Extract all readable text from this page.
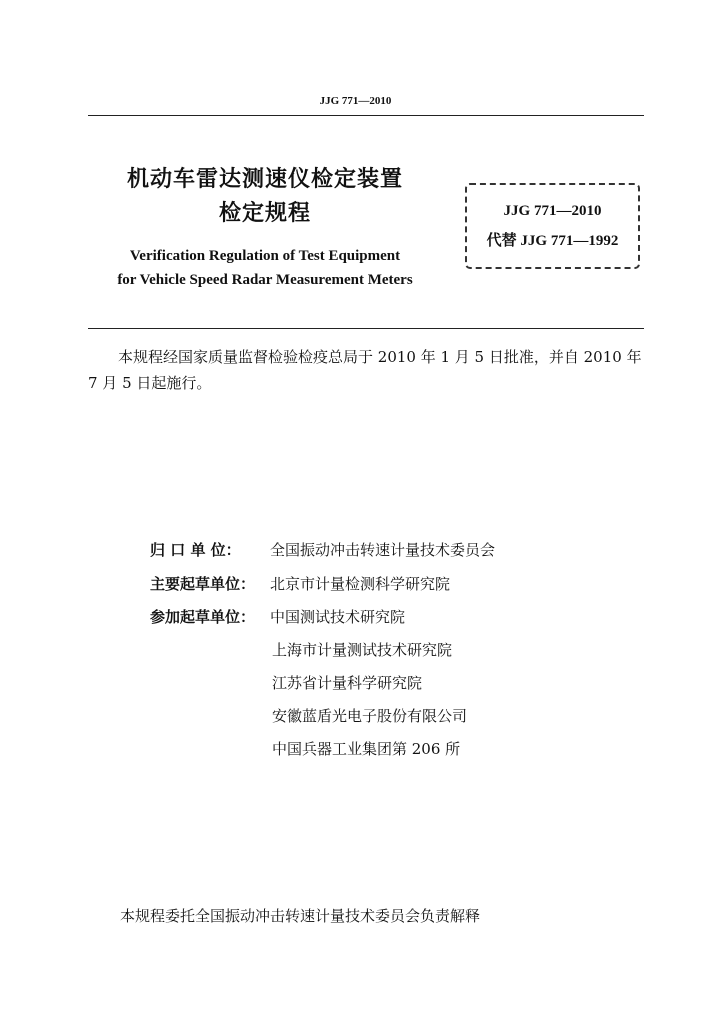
JJG 771—2010
机动车雷达测速仪检定装置
检定规程
Verification Regulation of Test Equipment
for Vehicle Speed Radar Measurement Meters
JJG 771—2010
代替 JJG 771—1992
本规程经国家质量监督检验检疫总局于 2010 年 1 月 5 日批准，并自 2010 年 7 月 5 日起施行。
归 口 单 位： 全国振动冲击转速计量技术委员会
主要起草单位： 北京市计量检测科学研究院
参加起草单位： 中国测试技术研究院
上海市计量测试技术研究院
江苏省计量科学研究院
安徽蓝盾光电子股份有限公司
中国兵器工业集团第 206 所
本规程委托全国振动冲击转速计量技术委员会负责解释
